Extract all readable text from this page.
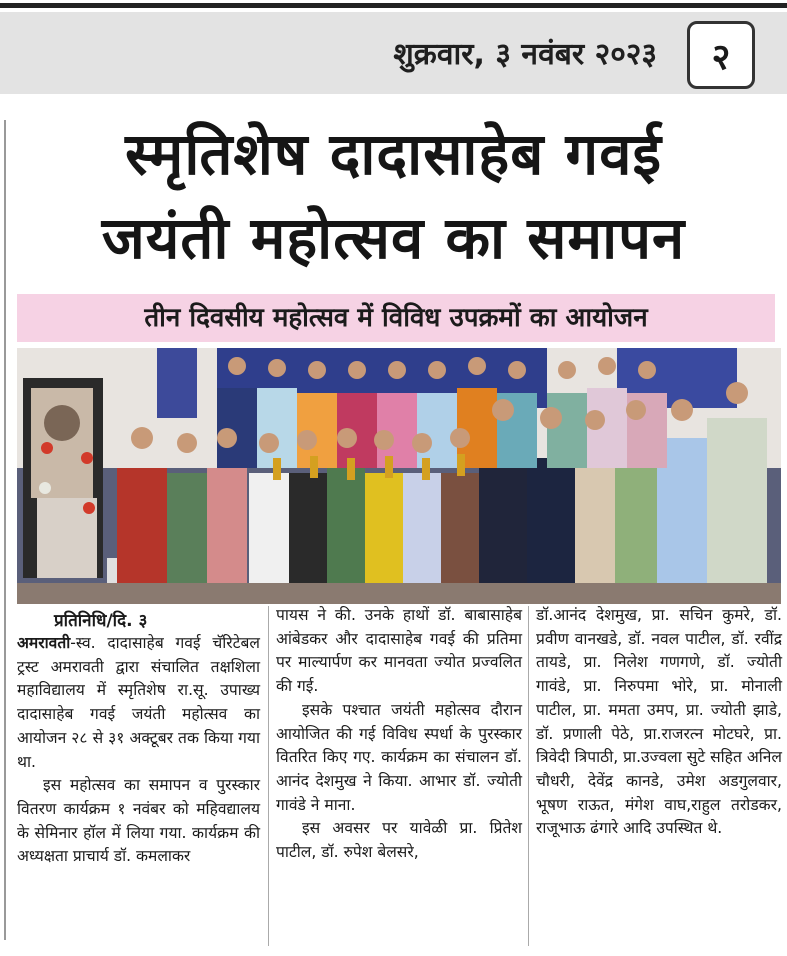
शुक्रवार, ३ नवंबर २०२३	२
स्मृतिशेष दादासाहेब गवई
जयंती महोत्सव का समापन
तीन दिवसीय महोत्सव में विविध उपक्रमों का आयोजन
प्रतिनिधि/दि. ३

अमरावती-स्व. दादासाहेब गवई चॅरिटेबल ट्रस्ट अमरावती द्वारा संचालित तक्षशिला महाविद्यालय में स्मृतिशेष रा.सू. उपाख्य दादासाहेब गवई जयंती महोत्सव का आयोजन २८ से ३१ अक्टूबर तक किया गया था.

इस महोत्सव का समापन व पुरस्कार वितरण कार्यक्रम १ नवंबर को महिवद्यालय के सेमिनार हॉल में लिया गया. कार्यक्रम की अध्यक्षता प्राचार्य डॉ. कमलाकर

पायस ने की. उनके हाथों डॉ. बाबासाहेब आंबेडकर और दादासाहेब गवई की प्रतिमा पर माल्यार्पण कर मानवता ज्योत प्रज्वलित की गई.

इसके पश्चात जयंती महोत्सव दौरान आयोजित की गई विविध स्पर्धा के पुरस्कार वितरित किए गए. कार्यक्रम का संचालन डॉ. आनंद देशमुख ने किया. आभार डॉ. ज्योती गावंडे ने माना.

इस अवसर पर यावेळी प्रा. प्रितेश पाटील, डॉ. रुपेश बेलसरे,

डॉ.आनंद देशमुख, प्रा. सचिन कुमरे, डॉ. प्रवीण वानखडे, डॉ. नवल पाटील, डॉ. रवींद्र तायडे, प्रा. निलेश गणगणे, डॉ. ज्योती गावंडे, प्रा. निरुपमा भोरे, प्रा. मोनाली पाटील, प्रा. ममता उमप, प्रा. ज्योती झाडे, डॉ. प्रणाली पेठे, प्रा.राजरत्न मोटघरे, प्रा. त्रिवेदी त्रिपाठी, प्रा.उज्वला सुटे सहित अनिल चौधरी, देवेंद्र कानडे, उमेश अडगुलवार, भूषण राऊत, मंगेश वाघ,राहुल तरोडकर, राजूभाऊ ढंगारे आदि उपस्थित थे.
